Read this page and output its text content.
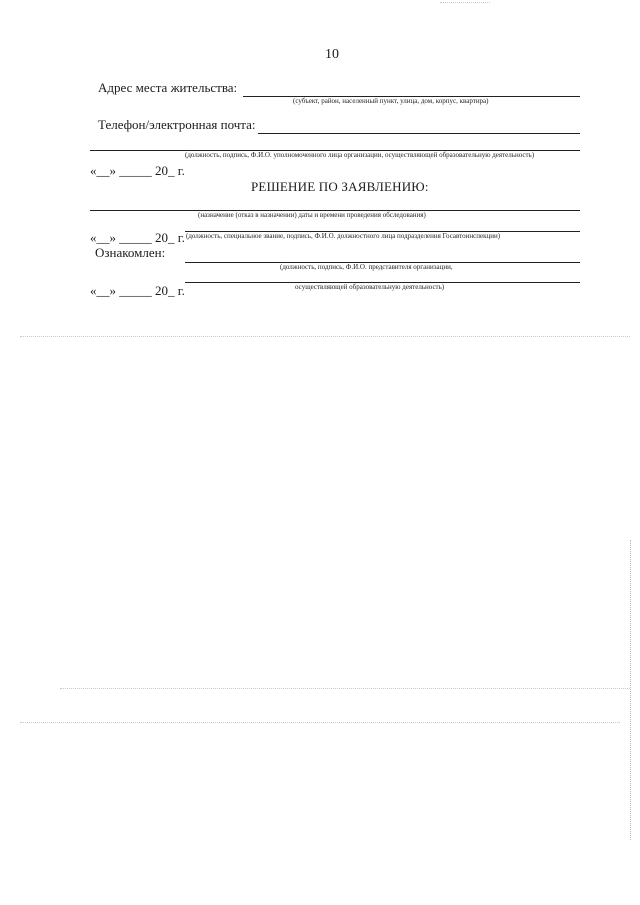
10
Адрес места жительства:
(субъект, район, населенный пункт, улица, дом, корпус, квартира)
Телефон/электронная почта:
(должность, подпись, Ф.И.О. уполномоченного лица организации, осуществляющей образовательную деятельность)
«__» _____ 20_ г.
РЕШЕНИЕ ПО ЗАЯВЛЕНИЮ:
(назначение (отказ в назначении) даты и времени проведения обследования)
«__» _____ 20_ г. (должность, специальное звание, подпись, Ф.И.О. должностного лица подразделения Госавтоинспекции)
Ознакомлен:
(должность, подпись, Ф.И.О. представителя организации,
осуществляющей образовательную деятельность)
«__» _____ 20_ г.
